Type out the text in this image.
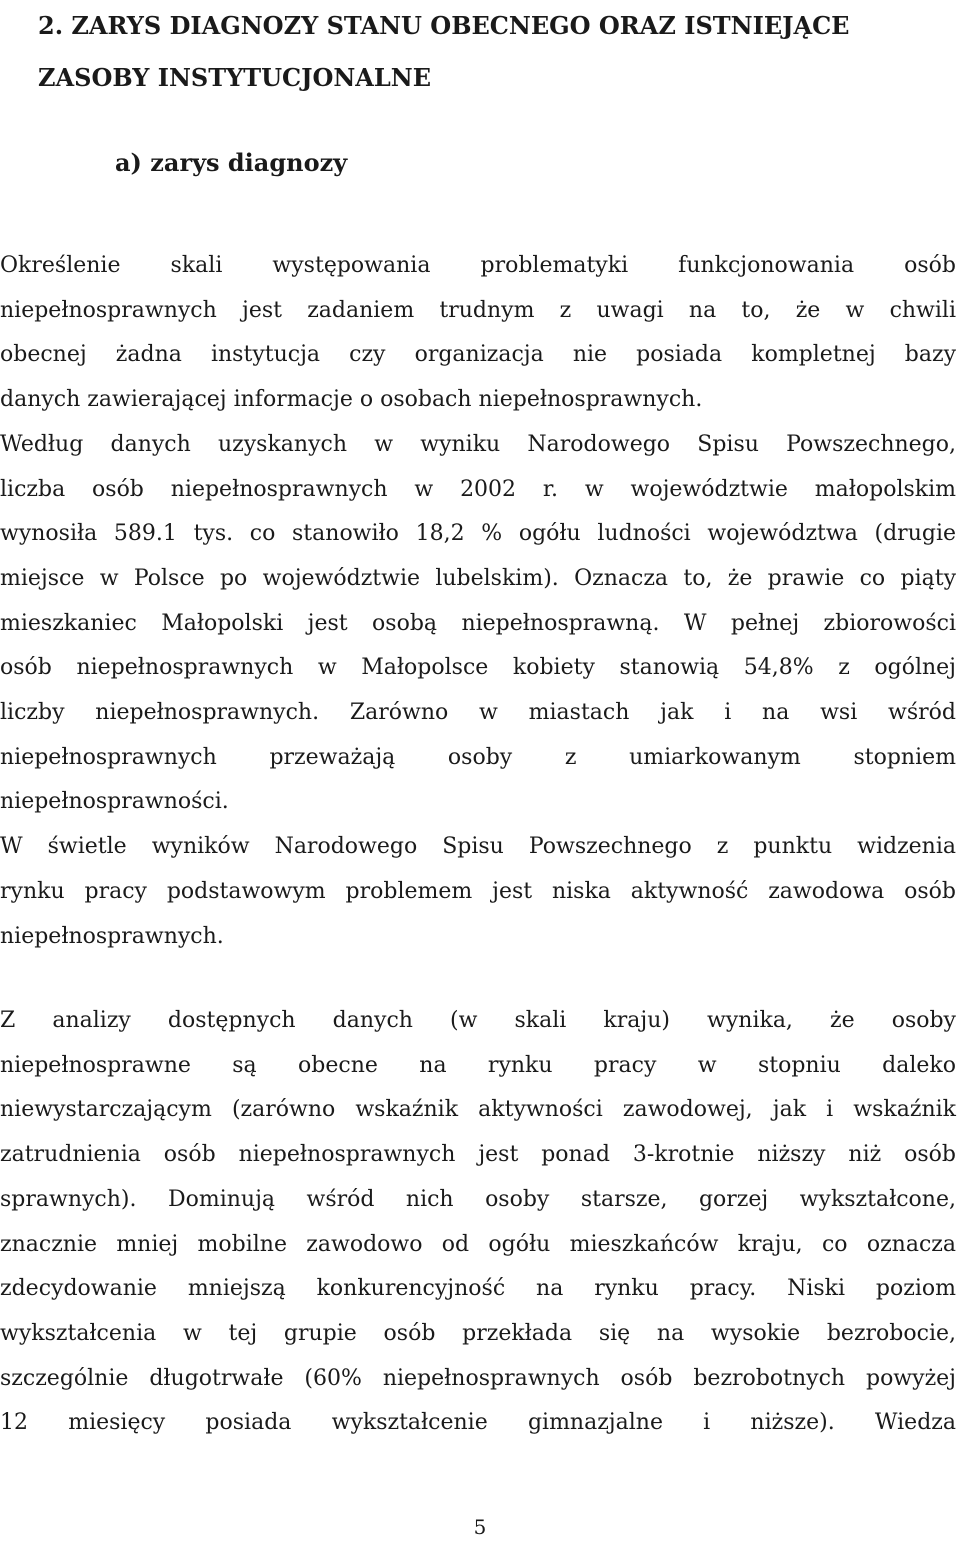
2. ZARYS DIAGNOZY STANU OBECNEGO ORAZ ISTNIEJĄCE
ZASOBY INSTYTUCJONALNE
a) zarys diagnozy
Określenie skali występowania problematyki funkcjonowania osób
niepełnosprawnych jest zadaniem trudnym z uwagi na to, że w chwili
obecnej żadna instytucja czy organizacja nie posiada kompletnej bazy
danych zawierającej informacje o osobach niepełnosprawnych.
Według danych uzyskanych w wyniku Narodowego Spisu Powszechnego,
liczba osób niepełnosprawnych w 2002 r. w województwie małopolskim
wynosiła 589.1 tys. co stanowiło 18,2 % ogółu ludności województwa (drugie
miejsce w Polsce po województwie lubelskim). Oznacza to, że prawie co piąty
mieszkaniec Małopolski jest osobą niepełnosprawną. W pełnej zbiorowości
osób niepełnosprawnych w Małopolsce kobiety stanowią 54,8% z ogólnej
liczby niepełnosprawnych. Zarówno w miastach jak i na wsi wśród
niepełnosprawnych przeważają osoby z umiarkowanym stopniem
niepełnosprawności.
W świetle wyników Narodowego Spisu Powszechnego z punktu widzenia
rynku pracy podstawowym problemem jest niska aktywność zawodowa osób
niepełnosprawnych.
Z analizy dostępnych danych (w skali kraju) wynika, że osoby
niepełnosprawne są obecne na rynku pracy w stopniu daleko
niewystarczającym (zarówno wskaźnik aktywności zawodowej, jak i wskaźnik
zatrudnienia osób niepełnosprawnych jest ponad 3-krotnie niższy niż osób
sprawnych). Dominują wśród nich osoby starsze, gorzej wykształcone,
znacznie mniej mobilne zawodowo od ogółu mieszkańców kraju, co oznacza
zdecydowanie mniejszą konkurencyjność na rynku pracy. Niski poziom
wykształcenia w tej grupie osób przekłada się na wysokie bezrobocie,
szczególnie długotrwałe (60% niepełnosprawnych osób bezrobotnych powyżej
12 miesięcy posiada wykształcenie gimnazjalne i niższe). Wiedza
5
